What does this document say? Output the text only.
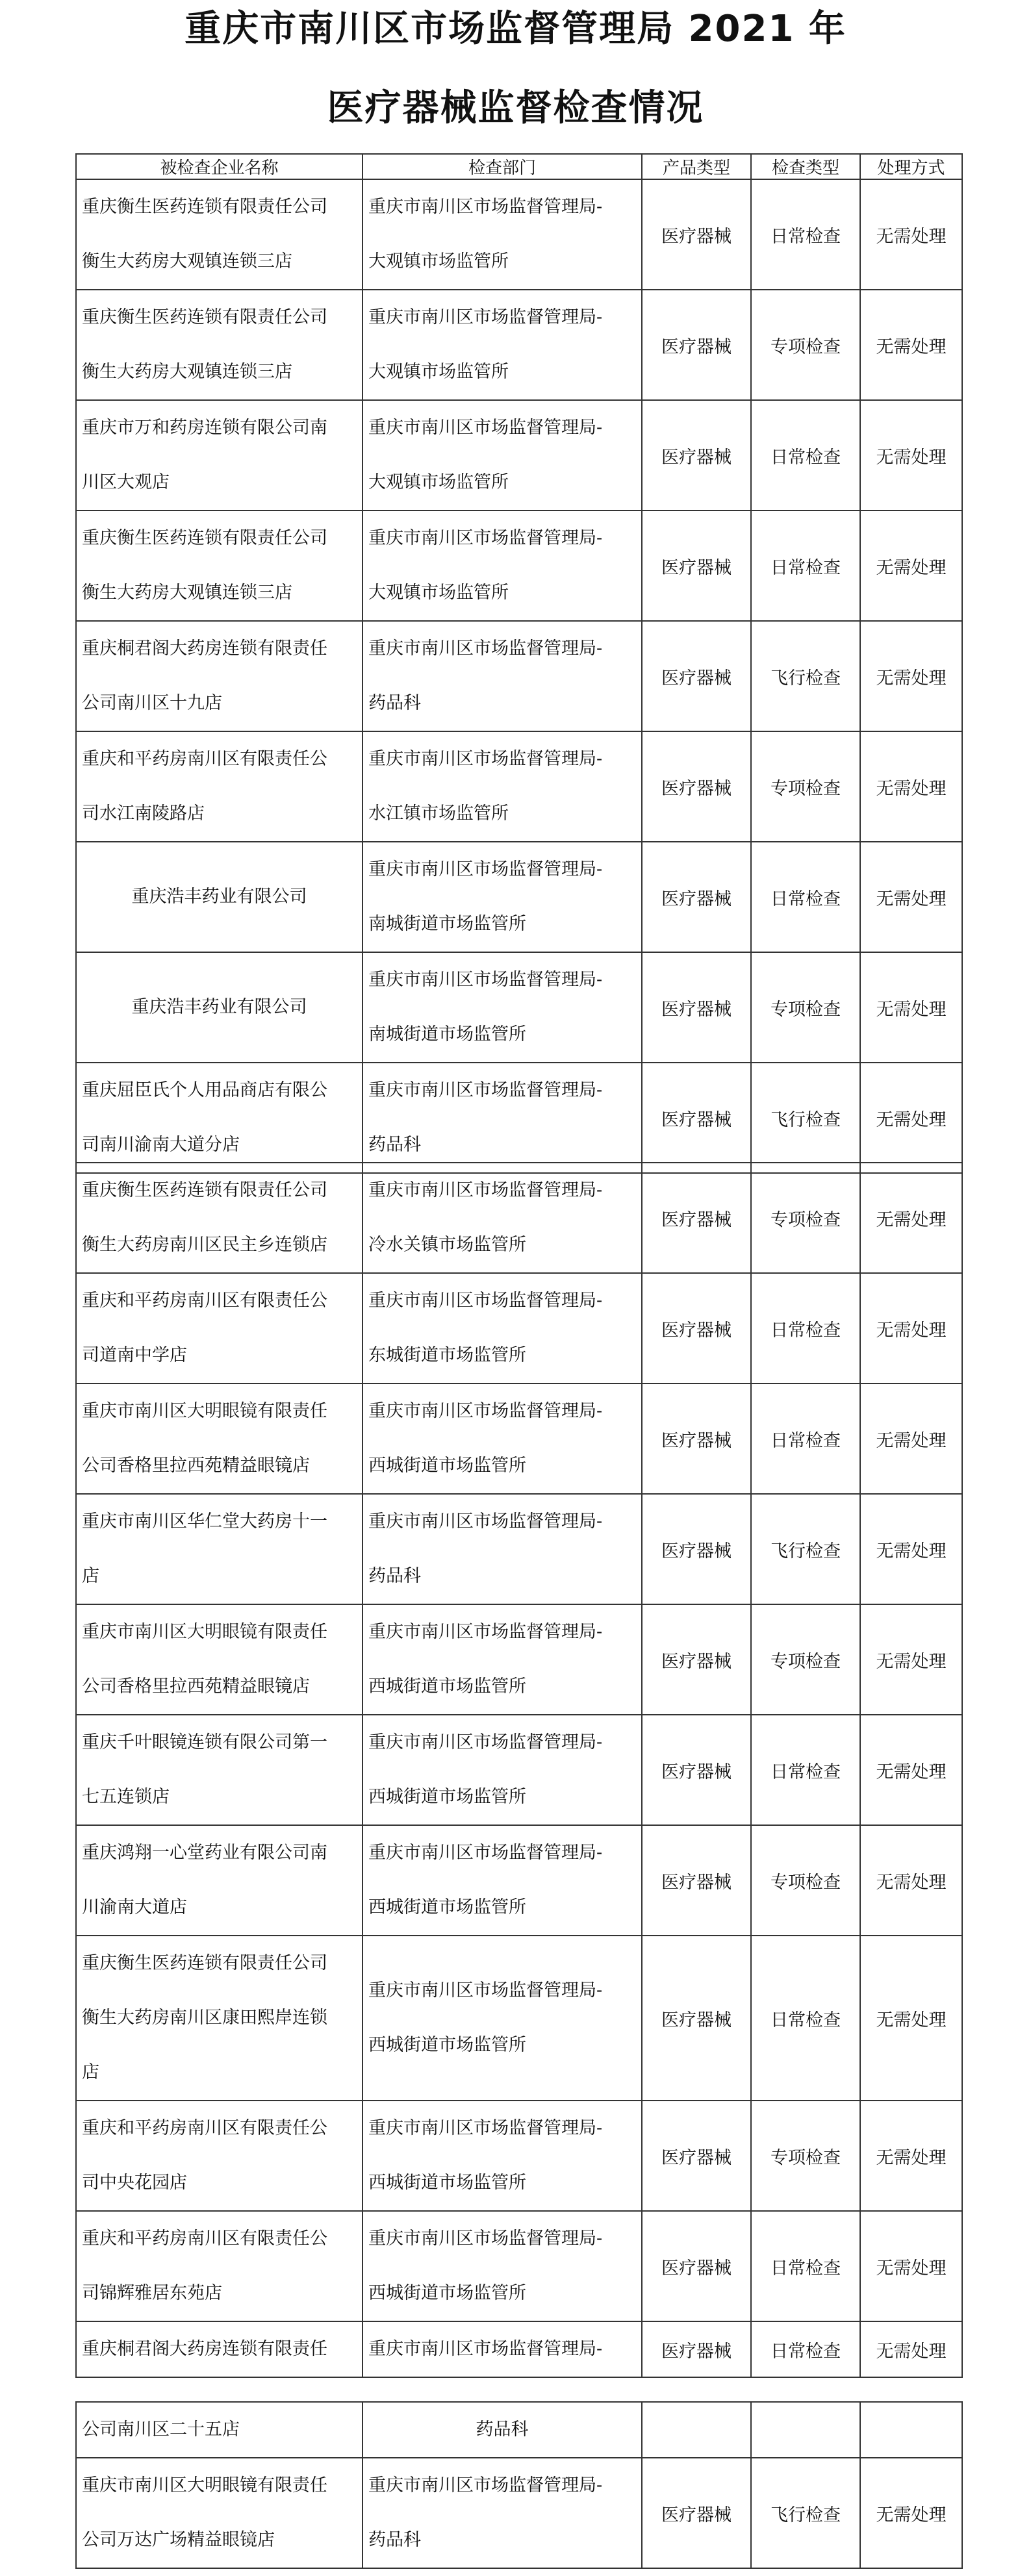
重庆市南川区市场监督管理局 2021 年
医疗器械监督检查情况
被检查企业名称	检查部门	产品类型	检查类型	处理方式

重庆衡生医药连锁有限责任公司
衡生大药房大观镇连锁三店	重庆市南川区市场监督管理局-
大观镇市场监管所	医疗器械	日常检查	无需处理

重庆衡生医药连锁有限责任公司
衡生大药房大观镇连锁三店	重庆市南川区市场监督管理局-
大观镇市场监管所	医疗器械	专项检查	无需处理

重庆市万和药房连锁有限公司南
川区大观店	重庆市南川区市场监督管理局-
大观镇市场监管所	医疗器械	日常检查	无需处理

重庆衡生医药连锁有限责任公司
衡生大药房大观镇连锁三店	重庆市南川区市场监督管理局-
大观镇市场监管所	医疗器械	日常检查	无需处理

重庆桐君阁大药房连锁有限责任
公司南川区十九店	重庆市南川区市场监督管理局-
药品科	医疗器械	飞行检查	无需处理

重庆和平药房南川区有限责任公
司水江南陵路店	重庆市南川区市场监督管理局-
水江镇市场监管所	医疗器械	专项检查	无需处理

重庆浩丰药业有限公司	重庆市南川区市场监督管理局-
南城街道市场监管所	医疗器械	日常检查	无需处理

重庆浩丰药业有限公司	重庆市南川区市场监督管理局-
南城街道市场监管所	医疗器械	专项检查	无需处理

重庆屈臣氏个人用品商店有限公
司南川渝南大道分店	重庆市南川区市场监督管理局-
药品科	医疗器械	飞行检查	无需处理
重庆衡生医药连锁有限责任公司
衡生大药房南川区民主乡连锁店	重庆市南川区市场监督管理局-
冷水关镇市场监管所	医疗器械	专项检查	无需处理

重庆和平药房南川区有限责任公
司道南中学店	重庆市南川区市场监督管理局-
东城街道市场监管所	医疗器械	日常检查	无需处理

重庆市南川区大明眼镜有限责任
公司香格里拉西苑精益眼镜店	重庆市南川区市场监督管理局-
西城街道市场监管所	医疗器械	日常检查	无需处理

重庆市南川区华仁堂大药房十一
店	重庆市南川区市场监督管理局-
药品科	医疗器械	飞行检查	无需处理

重庆市南川区大明眼镜有限责任
公司香格里拉西苑精益眼镜店	重庆市南川区市场监督管理局-
西城街道市场监管所	医疗器械	专项检查	无需处理

重庆千叶眼镜连锁有限公司第一
七五连锁店	重庆市南川区市场监督管理局-
西城街道市场监管所	医疗器械	日常检查	无需处理

重庆鸿翔一心堂药业有限公司南
川渝南大道店	重庆市南川区市场监督管理局-
西城街道市场监管所	医疗器械	专项检查	无需处理

重庆衡生医药连锁有限责任公司
衡生大药房南川区康田熙岸连锁
店	重庆市南川区市场监督管理局-
西城街道市场监管所	医疗器械	日常检查	无需处理

重庆和平药房南川区有限责任公
司中央花园店	重庆市南川区市场监督管理局-
西城街道市场监管所	医疗器械	专项检查	无需处理

重庆和平药房南川区有限责任公
司锦辉雅居东苑店	重庆市南川区市场监督管理局-
西城街道市场监管所	医疗器械	日常检查	无需处理

重庆桐君阁大药房连锁有限责任	重庆市南川区市场监督管理局-	医疗器械	日常检查	无需处理
公司南川区二十五店	药品科			

重庆市南川区大明眼镜有限责任
公司万达广场精益眼镜店	重庆市南川区市场监督管理局-
药品科	医疗器械	飞行检查	无需处理
